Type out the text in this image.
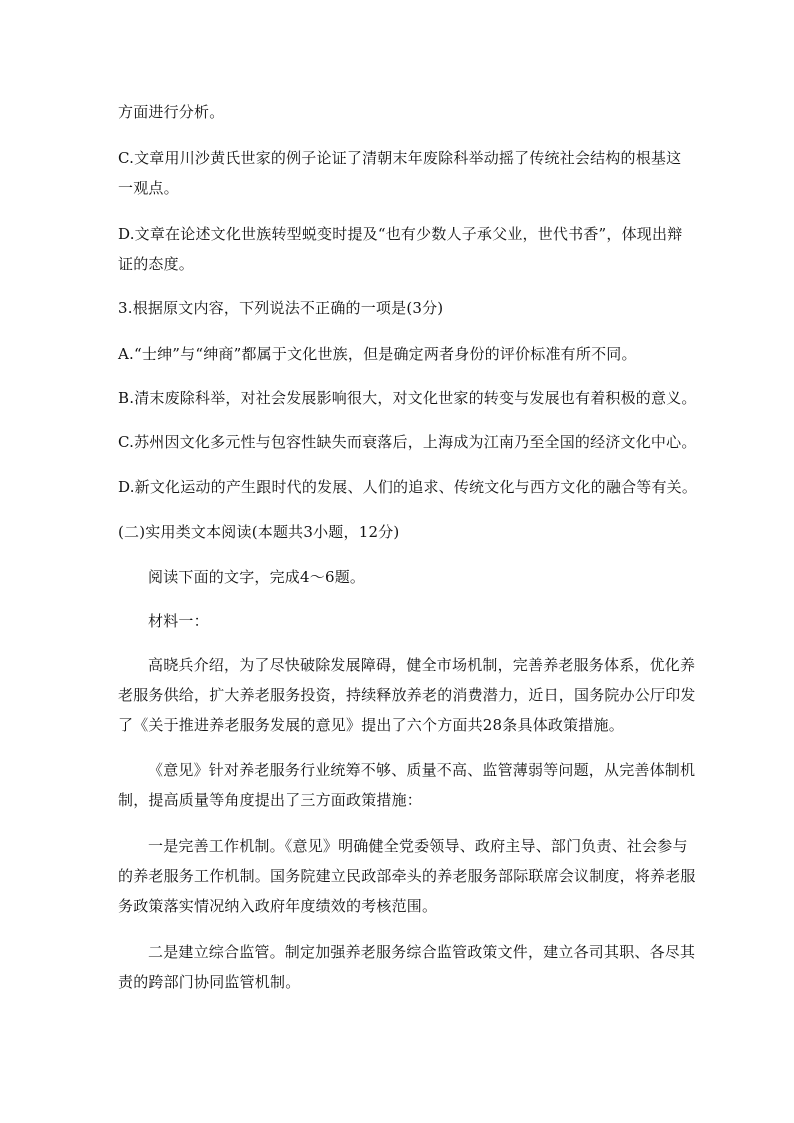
方面进行分析。
C.文章用川沙黄氏世家的例子论证了清朝末年废除科举动摇了传统社会结构的根基这
一观点。
D.文章在论述文化世族转型蜕变时提及“也有少数人子承父业，世代书香”，体现出辩
证的态度。
3.根据原文内容，下列说法不正确的一项是(3分)
A.“士绅”与“绅商”都属于文化世族，但是确定两者身份的评价标准有所不同。
B.清末废除科举，对社会发展影响很大，对文化世家的转变与发展也有着积极的意义。
C.苏州因文化多元性与包容性缺失而衰落后，上海成为江南乃至全国的经济文化中心。
D.新文化运动的产生跟时代的发展、人们的追求、传统文化与西方文化的融合等有关。
(二)实用类文本阅读(本题共3小题，12分)
阅读下面的文字，完成4～6题。
材料一：
高晓兵介绍，为了尽快破除发展障碍，健全市场机制，完善养老服务体系，优化养
老服务供给，扩大养老服务投资，持续释放养老的消费潜力，近日，国务院办公厅印发
了《关于推进养老服务发展的意见》提出了六个方面共28条具体政策措施。
《意见》针对养老服务行业统筹不够、质量不高、监管薄弱等问题，从完善体制机
制，提高质量等角度提出了三方面政策措施：
一是完善工作机制。《意见》明确健全党委领导、政府主导、部门负责、社会参与
的养老服务工作机制。国务院建立民政部牵头的养老服务部际联席会议制度，将养老服
务政策落实情况纳入政府年度绩效的考核范围。
二是建立综合监管。制定加强养老服务综合监管政策文件，建立各司其职、各尽其
责的跨部门协同监管机制。
